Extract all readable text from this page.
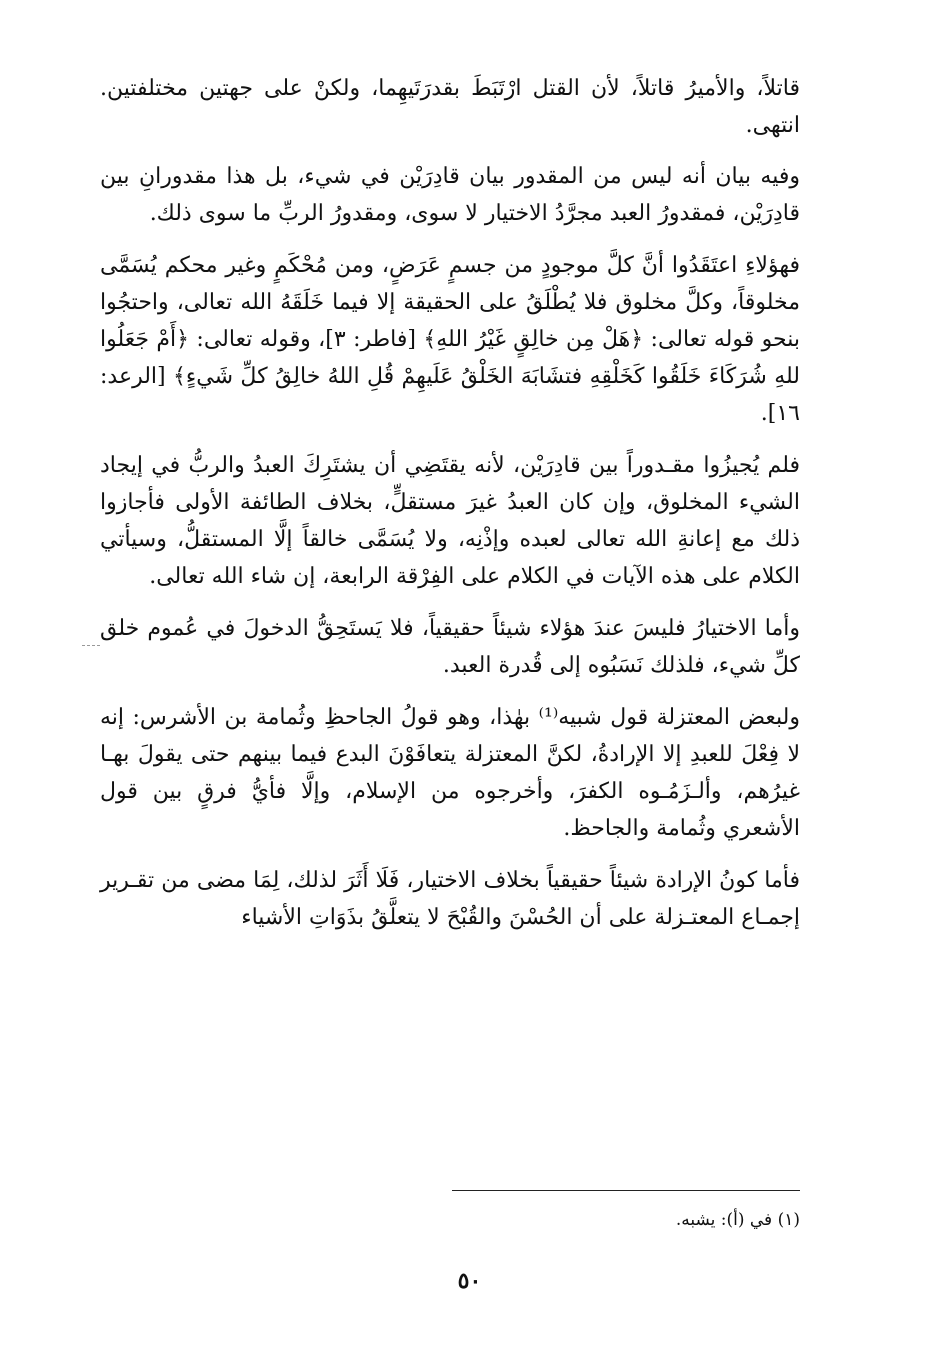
قاتلاً، والأميرُ قاتلاً، لأن القتل ارْتَبَطَ بقدرَتَيهِما، ولكنْ على جهتين مختلفتين. انتهى.

وفيه بيان أنه ليس من المقدور بيان قادِرَيْن في شيء، بل هذا مقدورانِ بين قادِرَيْن، فمقدورُ العبد مجرَّدُ الاختيار لا سوى، ومقدورُ الربِّ ما سوى ذلك.

فهؤلاءِ اعتَقَدُوا أنَّ كلَّ موجودٍ من جسمٍ عَرَضٍ، ومن مُحْكَمٍ وغير محكم يُسَمَّى مخلوقاً، وكلَّ مخلوق فلا يُطْلَقُ على الحقيقة إلا فيما خَلَقَهُ الله تعالى، واحتجُوا بنحو قوله تعالى: ﴿هَلْ مِن خالِقٍ غَيْرُ اللهِ﴾ [فاطر: ٣]، وقوله تعالى: ﴿أَمْ جَعَلُوا للهِ شُرَكَاءَ خَلَقُوا كَخَلْقِهِ فتشَابَهَ الخَلْقُ عَلَيهِمْ قُلِ اللهُ خالِقُ كلِّ شَيءٍ﴾ [الرعد: ١٦].

فلم يُجيزُوا مقـدوراً بين قادِرَيْن، لأنه يقتَضِي أن يشتَرِكَ العبدُ والربُّ في إيجاد الشيء المخلوق، وإن كان العبدُ غيرَ مستقلٍّ، بخلاف الطائفة الأولى فأجازوا ذلك مع إعانةِ الله تعالى لعبده وإذْنِه، ولا يُسَمَّى خالقاً إلَّا المستقلُّ، وسيأتي الكلام على هذه الآيات في الكلام على الفِرْقة الرابعة، إن شاء الله تعالى.

وأما الاختيارُ فليسَ عندَ هؤلاء شيئاً حقيقياً، فلا يَستَحِقُّ الدخولَ في عُموم خلق كلِّ شيء، فلذلك نَسَبُوه إلى قُدرة العبد.

ولبعض المعتزلة قول شبيه⁽¹⁾ بهٰذا، وهو قولُ الجاحظِ وثُمامة بن الأشرس: إنه لا فِعْلَ للعبدِ إلا الإرادةُ، لكنَّ المعتزلة يتعافَوْنَ البدع فيما بينهم حتى يقولَ بهـا غيرُهم، وألـزَمُـوه الكفرَ، وأخرجوه من الإسلام، وإلَّا فأيُّ فرقٍ بين قول الأشعري وثُمامة والجاحظ.

فأما كونُ الإرادة شيئاً حقيقياً بخلاف الاختيار، فَلَا أَثَرَ لذلك، لِمَا مضى من تقـرير إجمـاع المعتـزلة على أن الحُسْنَ والقُبْحَ لا يتعلَّقُ بذَوَاتِ الأشياء

(١) في (أ): يشبه.
٥٠
